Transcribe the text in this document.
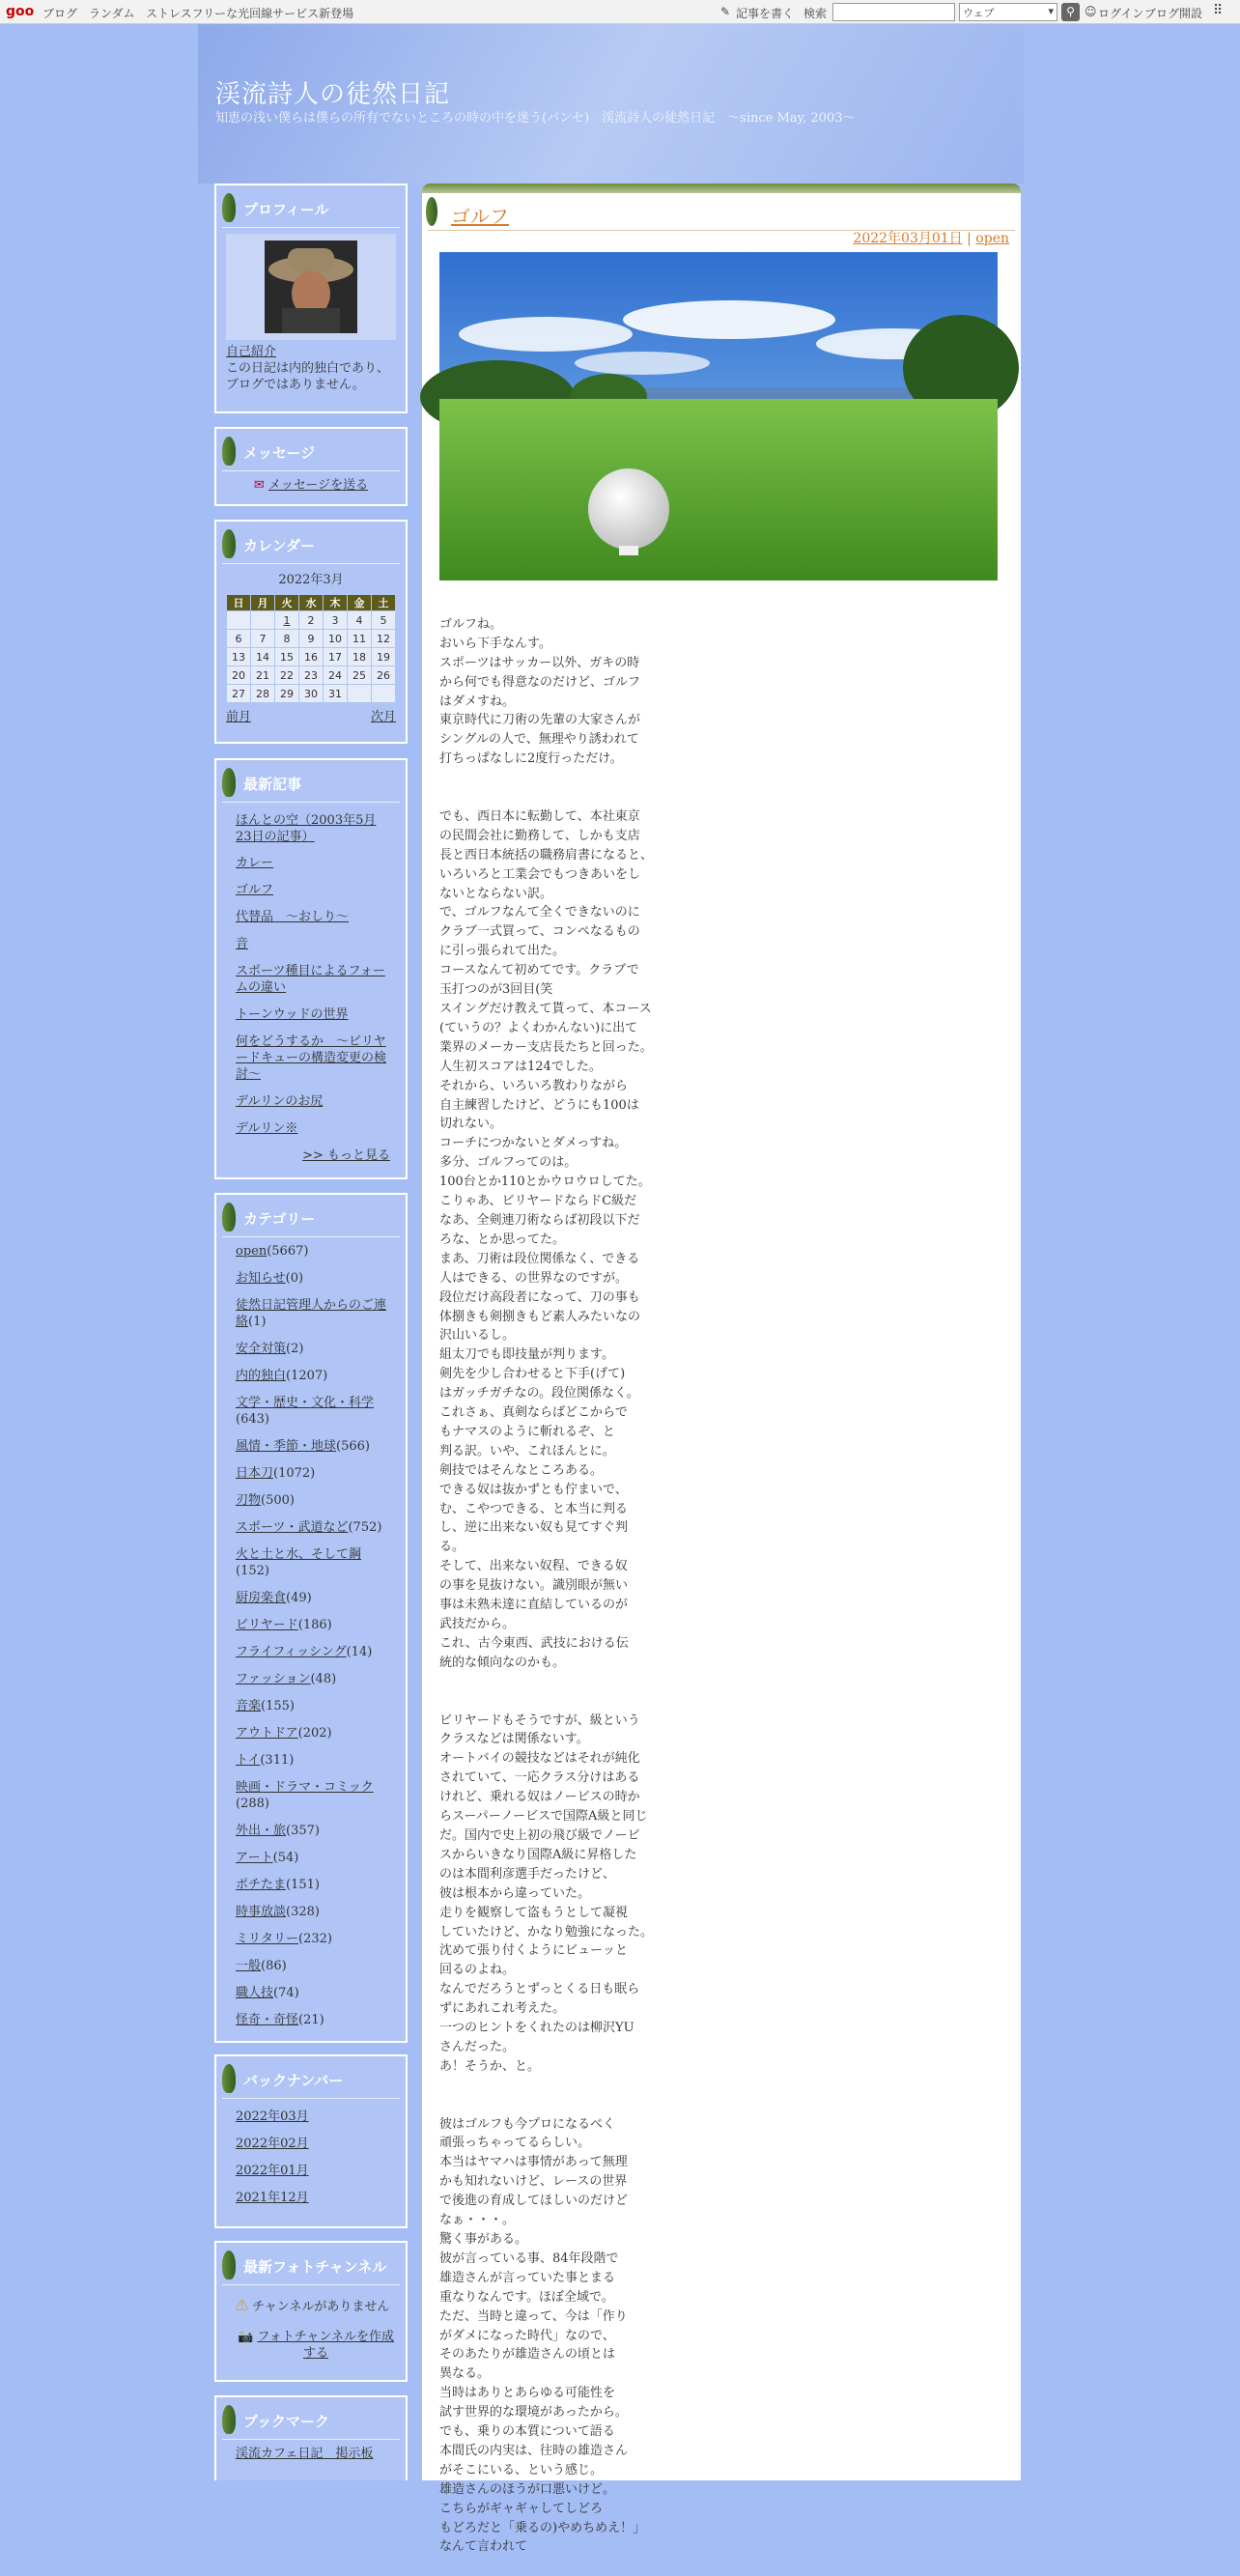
goo ブログ ランダム ストレスフリーな光回線サービス新登場	✎ 記事を書く 検索	ウェブ	▾	⚲ ☺ ログイン ブログ開設 ⠿
渓流詩人の徒然日記
知恵の浅い僕らは僕らの所有でないところの時の中を迷う(パンセ)　渓流詩人の徒然日記　～since May, 2003～
プロフィール
自己紹介
この日記は内的独白であり、ブログではありません。
メッセージ
✉ メッセージを送る
カレンダー
2022年3月
日	月	火	水	木	金	土
		1	2	3	4	5
6	7	8	9	10	11	12
13	14	15	16	17	18	19
20	21	22	23	24	25	26
27	28	29	30	31		
前月	次月
最新記事
ほんとの空（2003年5月23日の記事）
カレー
ゴルフ
代替品　～おしり～
音
スポーツ種目によるフォームの違い
トーンウッドの世界
何をどうするか　～ビリヤードキューの構造変更の検討～
デルリンのお尻
デルリン※
>> もっと見る
カテゴリー
open(5667)
お知らせ(0)
徒然日記管理人からのご連絡(1)
安全対策(2)
内的独白(1207)
文学・歴史・文化・科学(643)
風情・季節・地球(566)
日本刀(1072)
刃物(500)
スポーツ・武道など(752)
火と土と水、そして鋼(152)
厨房楽食(49)
ビリヤード(186)
フライフィッシング(14)
ファッション(48)
音楽(155)
アウトドア(202)
トイ(311)
映画・ドラマ・コミック(288)
外出・旅(357)
アート(54)
ポチたま(151)
時事放談(328)
ミリタリー(232)
一般(86)
職人技(74)
怪奇・奇怪(21)
バックナンバー
2022年03月
2022年02月
2022年01月
2021年12月
最新フォトチャンネル
⚠ チャンネルがありません
📷 フォトチャンネルを作成する
ブックマーク
渓流カフェ日記　掲示板
ゴルフ
2022年03月01日 | open

ゴルフね。
おいら下手なんす。
スポーツはサッカー以外、ガキの時
から何でも得意なのだけど、ゴルフ
はダメすね。
東京時代に刀術の先輩の大家さんが
シングルの人で、無理やり誘われて
打ちっぱなしに2度行っただけ。

でも、西日本に転勤して、本社東京
の民間会社に勤務して、しかも支店
長と西日本統括の職務肩書になると、
いろいろと工業会でもつきあいをし
ないとならない訳。
で、ゴルフなんて全くできないのに
クラブ一式買って、コンペなるもの
に引っ張られて出た。
コースなんて初めてです。クラブで
玉打つのが3回目(笑
スイングだけ教えて貰って、本コース
(ていうの？よくわかんない)に出て
業界のメーカー支店長たちと回った。
人生初スコアは124でした。
それから、いろいろ教わりながら
自主練習したけど、どうにも100は
切れない。
コーチにつかないとダメっすね。
多分、ゴルフってのは。
100台とか110とかウロウロしてた。
こりゃあ、ビリヤードならドC級だ
なあ、全剣連刀術ならば初段以下だ
ろな、とか思ってた。
まあ、刀術は段位関係なく、できる
人はできる、の世界なのですが。
段位だけ高段者になって、刀の事も
体捌きも剣捌きもど素人みたいなの
沢山いるし。
組太刀でも即技量が判ります。
剣先を少し合わせると下手(げて)
はガッチガチなの。段位関係なく。
これさぁ、真剣ならばどこからで
もナマスのように斬れるぞ、と
判る訳。いや、これほんとに。
剣技ではそんなところある。
できる奴は抜かずとも佇まいで、
む、こやつできる、と本当に判る
し、逆に出来ない奴も見てすぐ判
る。
そして、出来ない奴程、できる奴
の事を見抜けない。識別眼が無い
事は未熟未達に直結しているのが
武技だから。
これ、古今東西、武技における伝
統的な傾向なのかも。

ビリヤードもそうですが、級という
クラスなどは関係ないす。
オートバイの競技などはそれが純化
されていて、一応クラス分けはある
けれど、乗れる奴はノービスの時か
らスーパーノービスで国際A級と同じ
だ。国内で史上初の飛び級でノービ
スからいきなり国際A級に昇格した
のは本間利彦選手だったけど、
彼は根本から違っていた。
走りを観察して盗もうとして凝視
していたけど、かなり勉強になった。
沈めて張り付くようにビューッと
回るのよね。
なんでだろうとずっとくる日も眠ら
ずにあれこれ考えた。
一つのヒントをくれたのは柳沢YU
さんだった。
あ！そうか、と。

彼はゴルフも今プロになるべく
頑張っちゃってるらしい。
本当はヤマハは事情があって無理
かも知れないけど、レースの世界
で後進の育成してほしいのだけど
なぁ・・・。
驚く事がある。
彼が言っている事、84年段階で
雄造さんが言っていた事とまる
重なりなんです。ほぼ全域で。
ただ、当時と違って、今は「作り
がダメになった時代」なので、
そのあたりが雄造さんの頃とは
異なる。
当時はありとあらゆる可能性を
試す世界的な環境があったから。
でも、乗りの本質について語る
本間氏の内実は、往時の雄造さん
がそこにいる、という感じ。
雄造さんのほうが口悪いけど。
こちらがギャギャしてしどろ
もどろだと「乗るの)やめちめえ！」
なんて言われて
